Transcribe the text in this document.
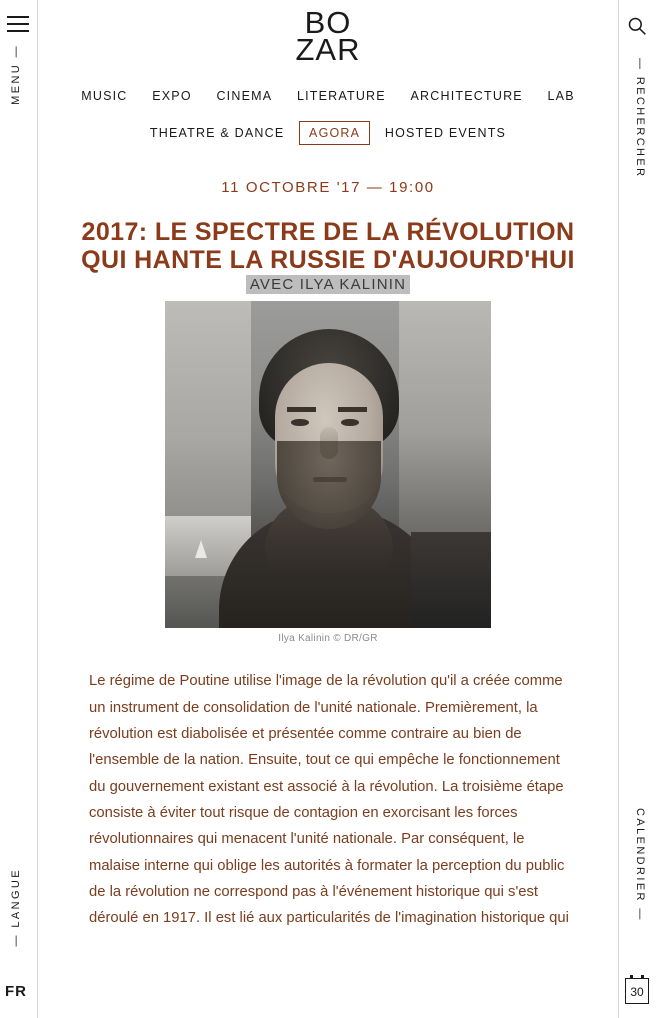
MENU —
— LANGUE
FR
— RECHERCHER
CALENDRIER —
30
BO
ZAR
MUSIC EXPO CINEMA LITERATURE ARCHITECTURE LAB
THEATRE & DANCE AGORA HOSTED EVENTS
11 OCTOBRE '17 — 19:00
2017: LE SPECTRE DE LA RÉVOLUTION QUI HANTE LA RUSSIE D'AUJOURD'HUI
AVEC ILYA KALININ
Ilya Kalinin © DR/GR

Le régime de Poutine utilise l'image de la révolution qu'il a créée comme un instrument de consolidation de l'unité nationale. Premièrement, la révolution est diabolisée et présentée comme contraire au bien de l'ensemble de la nation. Ensuite, tout ce qui empêche le fonctionnement du gouvernement existant est associé à la révolution. La troisième étape consiste à éviter tout risque de contagion en exorcisant les forces révolutionnaires qui menacent l'unité nationale. Par conséquent, le malaise interne qui oblige les autorités à formater la perception du public de la révolution ne correspond pas à l'événement historique qui s'est déroulé en 1917. Il est lié aux particularités de l'imagination historique qui
